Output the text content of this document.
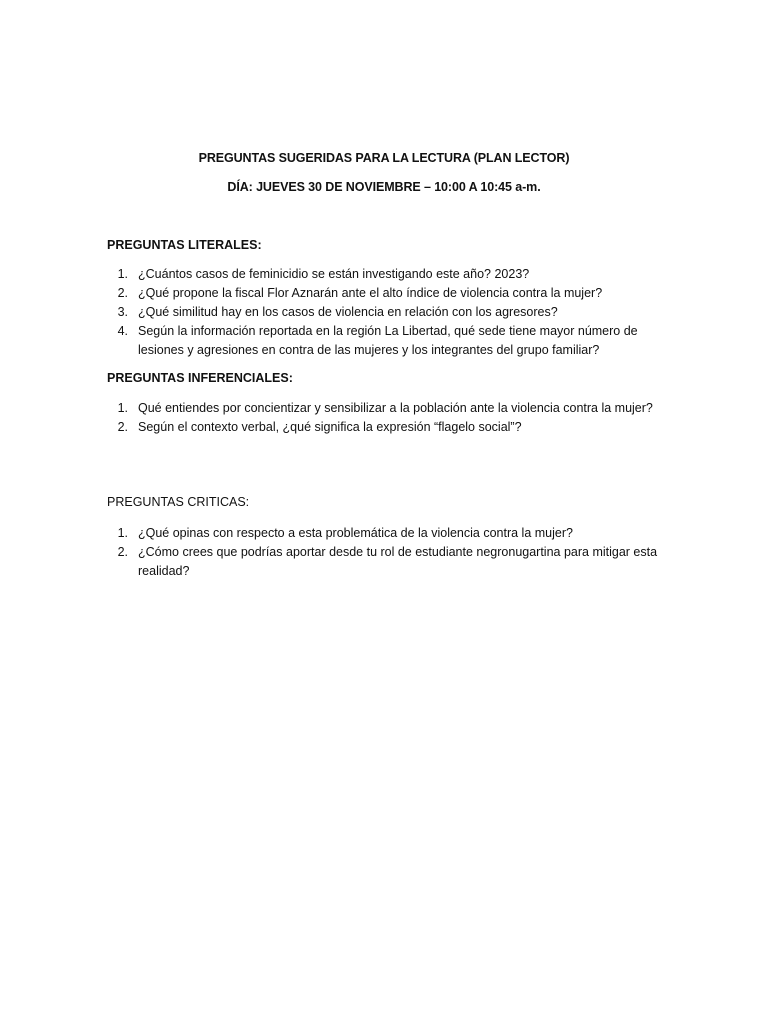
PREGUNTAS SUGERIDAS PARA LA LECTURA (PLAN LECTOR)
DÍA: JUEVES 30 DE NOVIEMBRE – 10:00 A 10:45 a-m.
PREGUNTAS LITERALES:
1. ¿Cuántos casos de feminicidio se están investigando este año? 2023?
2. ¿Qué propone la fiscal Flor Aznarán ante el alto índice de violencia contra la mujer?
3. ¿Qué similitud hay en los casos de violencia en relación con los agresores?
4. Según la información reportada en la región La Libertad, qué sede tiene mayor número de lesiones y agresiones en contra de las mujeres y los integrantes del grupo familiar?
PREGUNTAS INFERENCIALES:
1. Qué entiendes por concientizar y sensibilizar a la población ante la violencia contra la mujer?
2. Según el contexto verbal, ¿qué significa la expresión “flagelo social”?
PREGUNTAS CRITICAS:
1. ¿Qué opinas con respecto a esta problemática de la violencia contra la mujer?
2. ¿Cómo crees que podrías aportar desde tu rol de estudiante negronugartina para mitigar esta realidad?
